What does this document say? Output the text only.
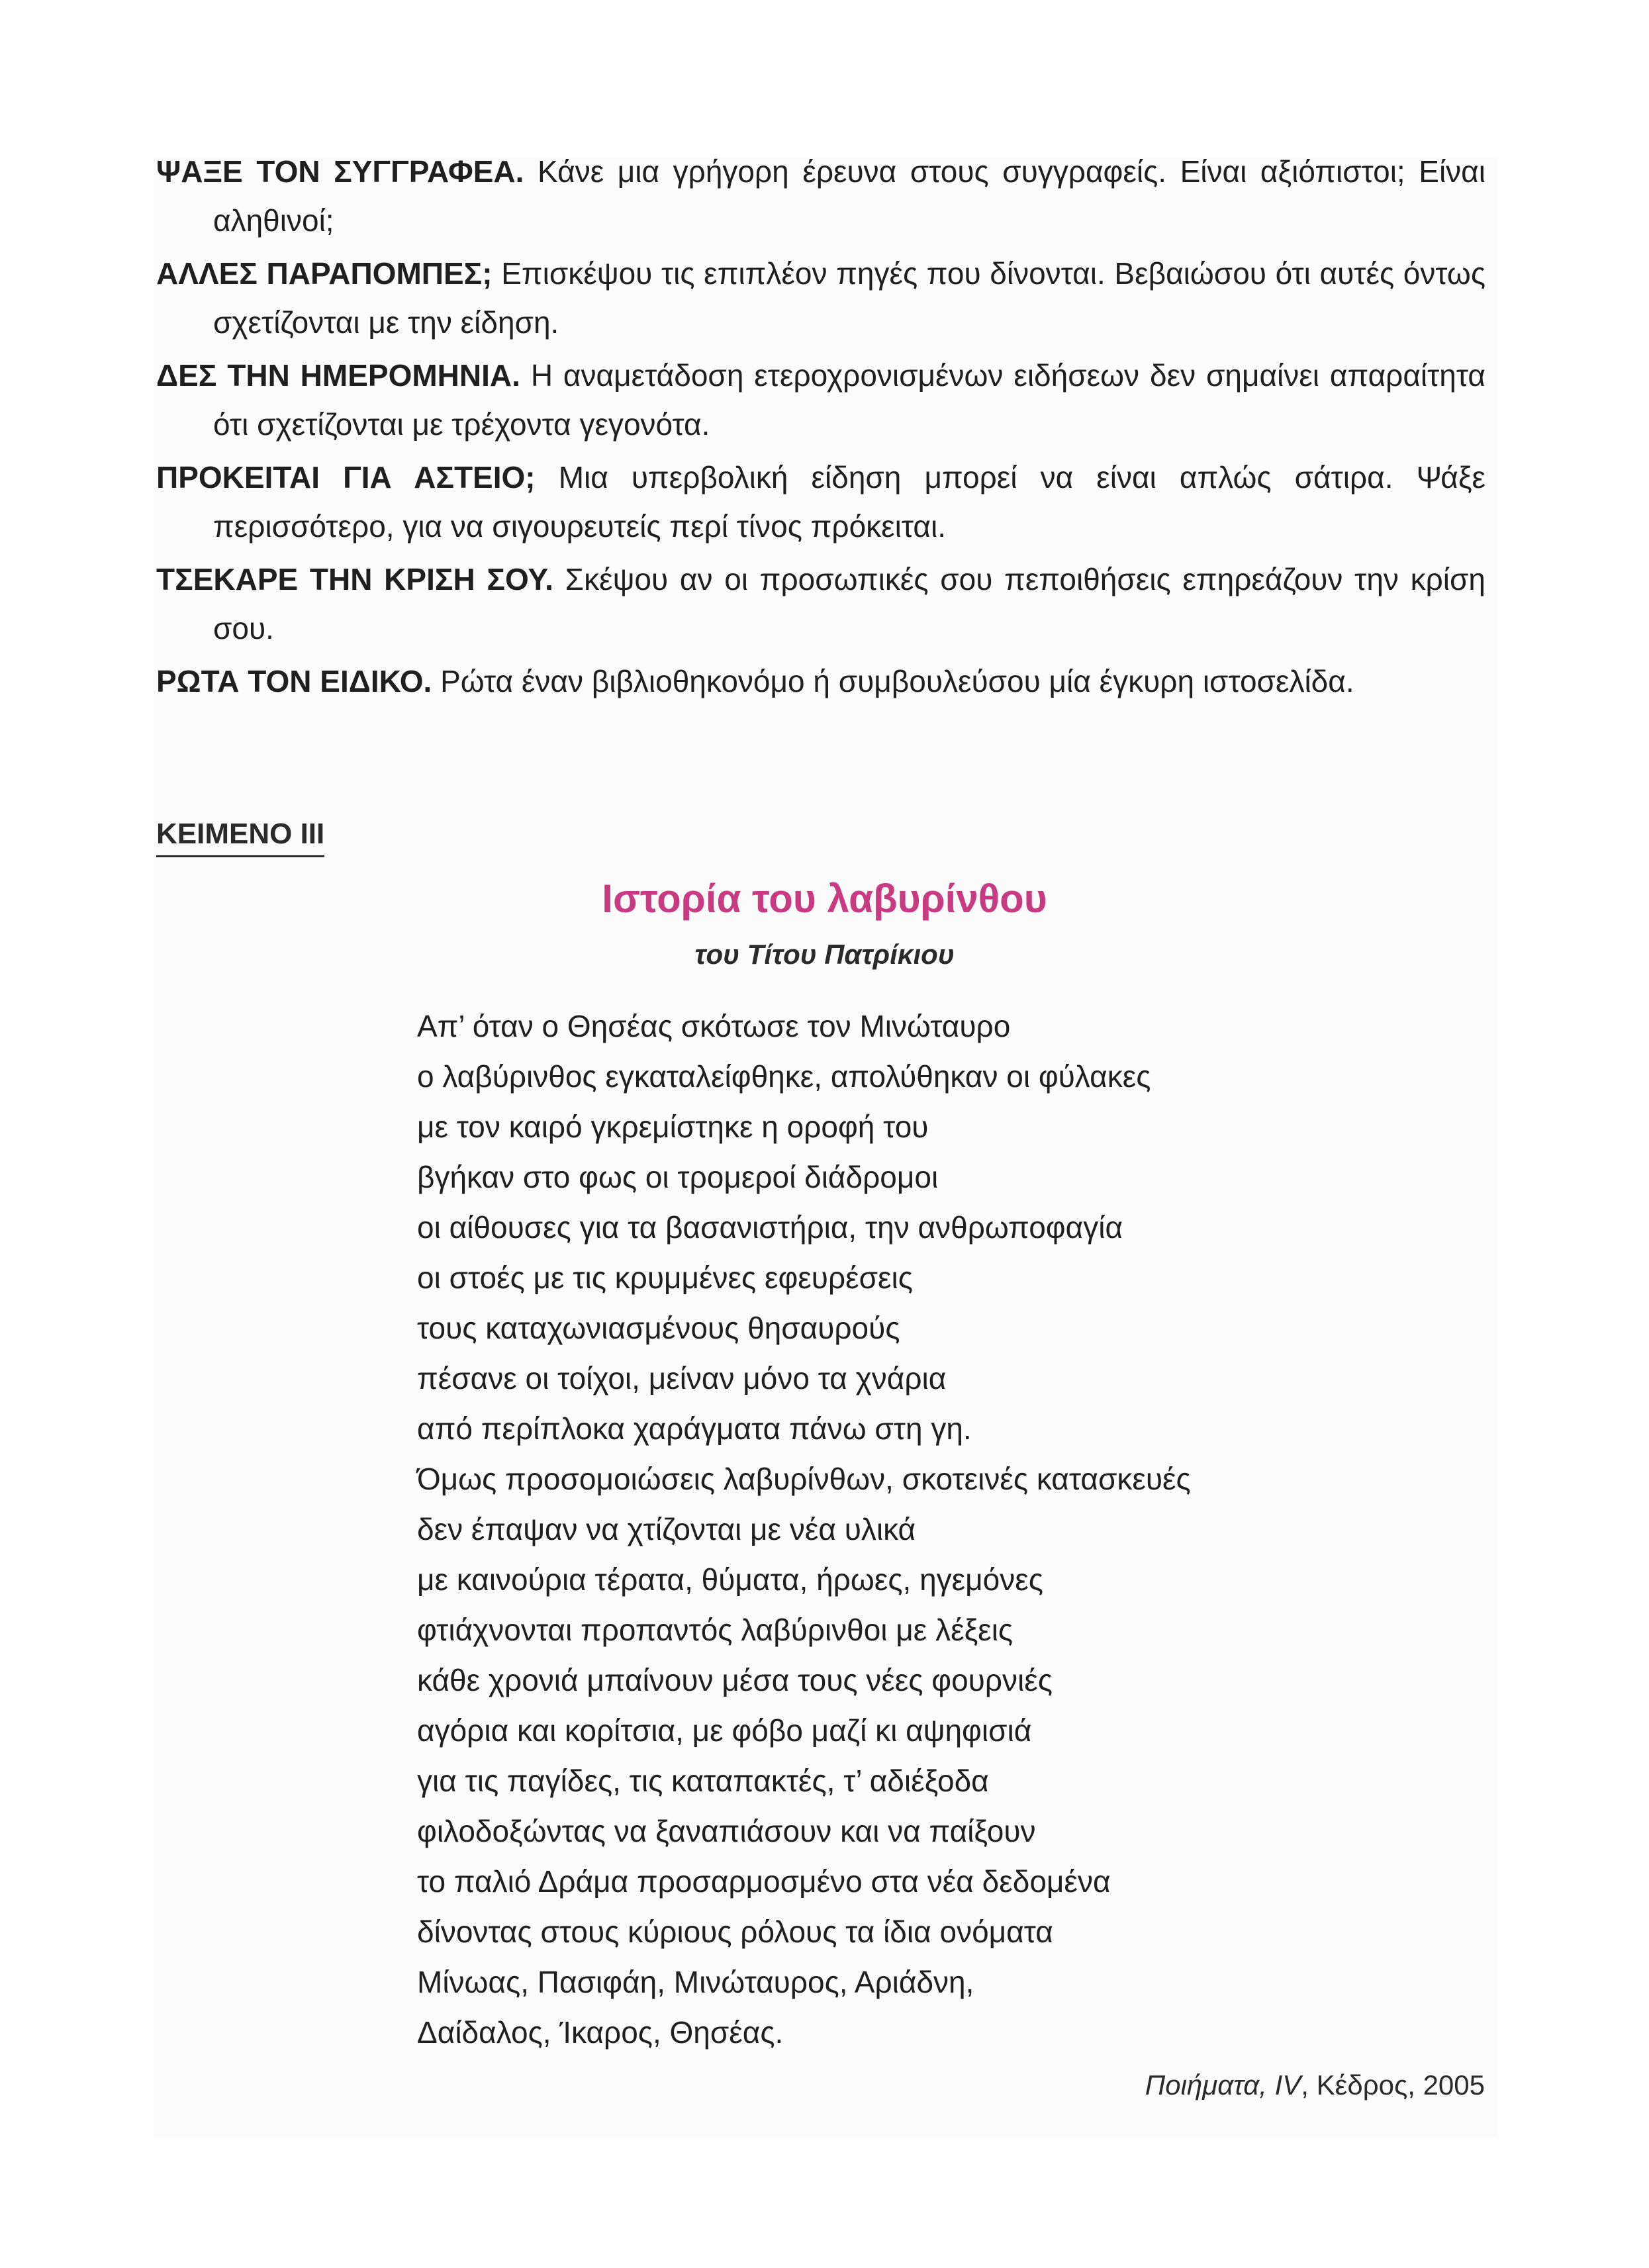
ΨΑΞΕ ΤΟΝ ΣΥΓΓΡΑΦΕΑ. Κάνε μια γρήγορη έρευνα στους συγγραφείς. Είναι αξιόπιστοι; Είναι αληθινοί;
ΑΛΛΕΣ ΠΑΡΑΠΟΜΠΕΣ; Επισκέψου τις επιπλέον πηγές που δίνονται. Βεβαιώσου ότι αυτές όντως σχετίζονται με την είδηση.
ΔΕΣ ΤΗΝ ΗΜΕΡΟΜΗΝΙΑ. Η αναμετάδοση ετεροχρονισμένων ειδήσεων δεν σημαίνει απαραίτητα ότι σχετίζονται με τρέχοντα γεγονότα.
ΠΡΟΚΕΙΤΑΙ ΓΙΑ ΑΣΤΕΙΟ; Μια υπερβολική είδηση μπορεί να είναι απλώς σάτιρα. Ψάξε περισσότερο, για να σιγουρευτείς περί τίνος πρόκειται.
ΤΣΕΚΑΡΕ ΤΗΝ ΚΡΙΣΗ ΣΟΥ. Σκέψου αν οι προσωπικές σου πεποιθήσεις επηρεάζουν την κρίση σου.
ΡΩΤΑ ΤΟΝ ΕΙΔΙΚΟ. Ρώτα έναν βιβλιοθηκονόμο ή συμβουλεύσου μία έγκυρη ιστοσελίδα.
ΚΕΙΜΕΝΟ ΙΙΙ
Ιστορία του λαβυρίνθου
του Τίτου Πατρίκιου
Απ’ όταν ο Θησέας σκότωσε τον Μινώταυρο
ο λαβύρινθος εγκαταλείφθηκε, απολύθηκαν οι φύλακες
με τον καιρό γκρεμίστηκε η οροφή του
βγήκαν στο φως οι τρομεροί διάδρομοι
οι αίθουσες για τα βασανιστήρια, την ανθρωποφαγία
οι στοές με τις κρυμμένες εφευρέσεις
τους καταχωνιασμένους θησαυρούς
πέσανε οι τοίχοι, μείναν μόνο τα χνάρια
από περίπλοκα χαράγματα πάνω στη γη.
Όμως προσομοιώσεις λαβυρίνθων, σκοτεινές κατασκευές
δεν έπαψαν να χτίζονται με νέα υλικά
με καινούρια τέρατα, θύματα, ήρωες, ηγεμόνες
φτιάχνονται προπαντός λαβύρινθοι με λέξεις
κάθε χρονιά μπαίνουν μέσα τους νέες φουρνιές
αγόρια και κορίτσια, με φόβο μαζί κι αψηφισιά
για τις παγίδες, τις καταπακτές, τ’ αδιέξοδα
φιλοδοξώντας να ξαναπιάσουν και να παίξουν
το παλιό Δράμα προσαρμοσμένο στα νέα δεδομένα
δίνοντας στους κύριους ρόλους τα ίδια ονόματα
Μίνωας, Πασιφάη, Μινώταυρος, Αριάδνη,
Δαίδαλος, Ίκαρος, Θησέας.
Ποιήματα, IV, Κέδρος, 2005
